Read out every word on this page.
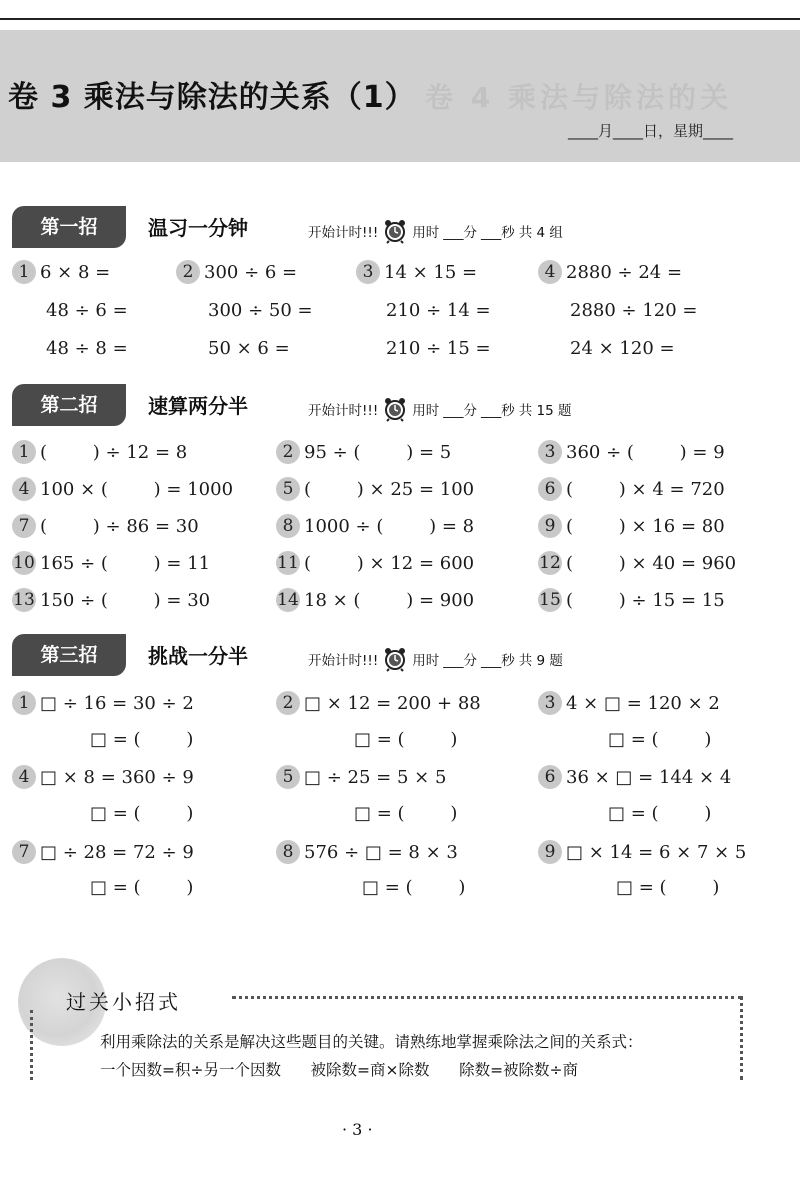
卷 3 乘法与除法的关系（1） 卷 4 乘法与除法的关
____月____日，星期____
第一招	温习一分钟	开始计时!!!	用时 ___分 ___秒 共 4 组
1 6 × 8 =
48 ÷ 6 =
48 ÷ 8 =
2 300 ÷ 6 =
300 ÷ 50 =
50 × 6 =
3 14 × 15 =
210 ÷ 14 =
210 ÷ 15 =
4 2880 ÷ 24 =
2880 ÷ 120 =
24 × 120 =
第二招	速算两分半	开始计时!!!	用时 ___分 ___秒 共 15 题
1 (        ) ÷ 12 = 8	2 95 ÷ (        ) = 5	3 360 ÷ (        ) = 9
4 100 × (        ) = 1000	5 (        ) × 25 = 100	6 (        ) × 4 = 720
7 (        ) ÷ 86 = 30	8 1000 ÷ (        ) = 8	9 (        ) × 16 = 80
10 165 ÷ (        ) = 11	11 (        ) × 12 = 600	12 (        ) × 40 = 960
13 150 ÷ (        ) = 30	14 18 × (        ) = 900	15 (        ) ÷ 15 = 15
第三招	挑战一分半	开始计时!!!	用时 ___分 ___秒 共 9 题
1 □ ÷ 16 = 30 ÷ 2
□ = (        )
2 □ × 12 = 200 + 88
□ = (        )
3 4 × □ = 120 × 2
□ = (        )
4 □ × 8 = 360 ÷ 9
□ = (        )
5 □ ÷ 25 = 5 × 5
□ = (        )
6 36 × □ = 144 × 4
□ = (        )
7 □ ÷ 28 = 72 ÷ 9
□ = (        )
8 576 ÷ □ = 8 × 3
□ = (        )
9 □ × 14 = 6 × 7 × 5
□ = (        )
过关小招式
利用乘除法的关系是解决这些题目的关键。请熟练地掌握乘除法之间的关系式：
一个因数=积÷另一个因数      被除数=商×除数      除数=被除数÷商
· 3 ·
